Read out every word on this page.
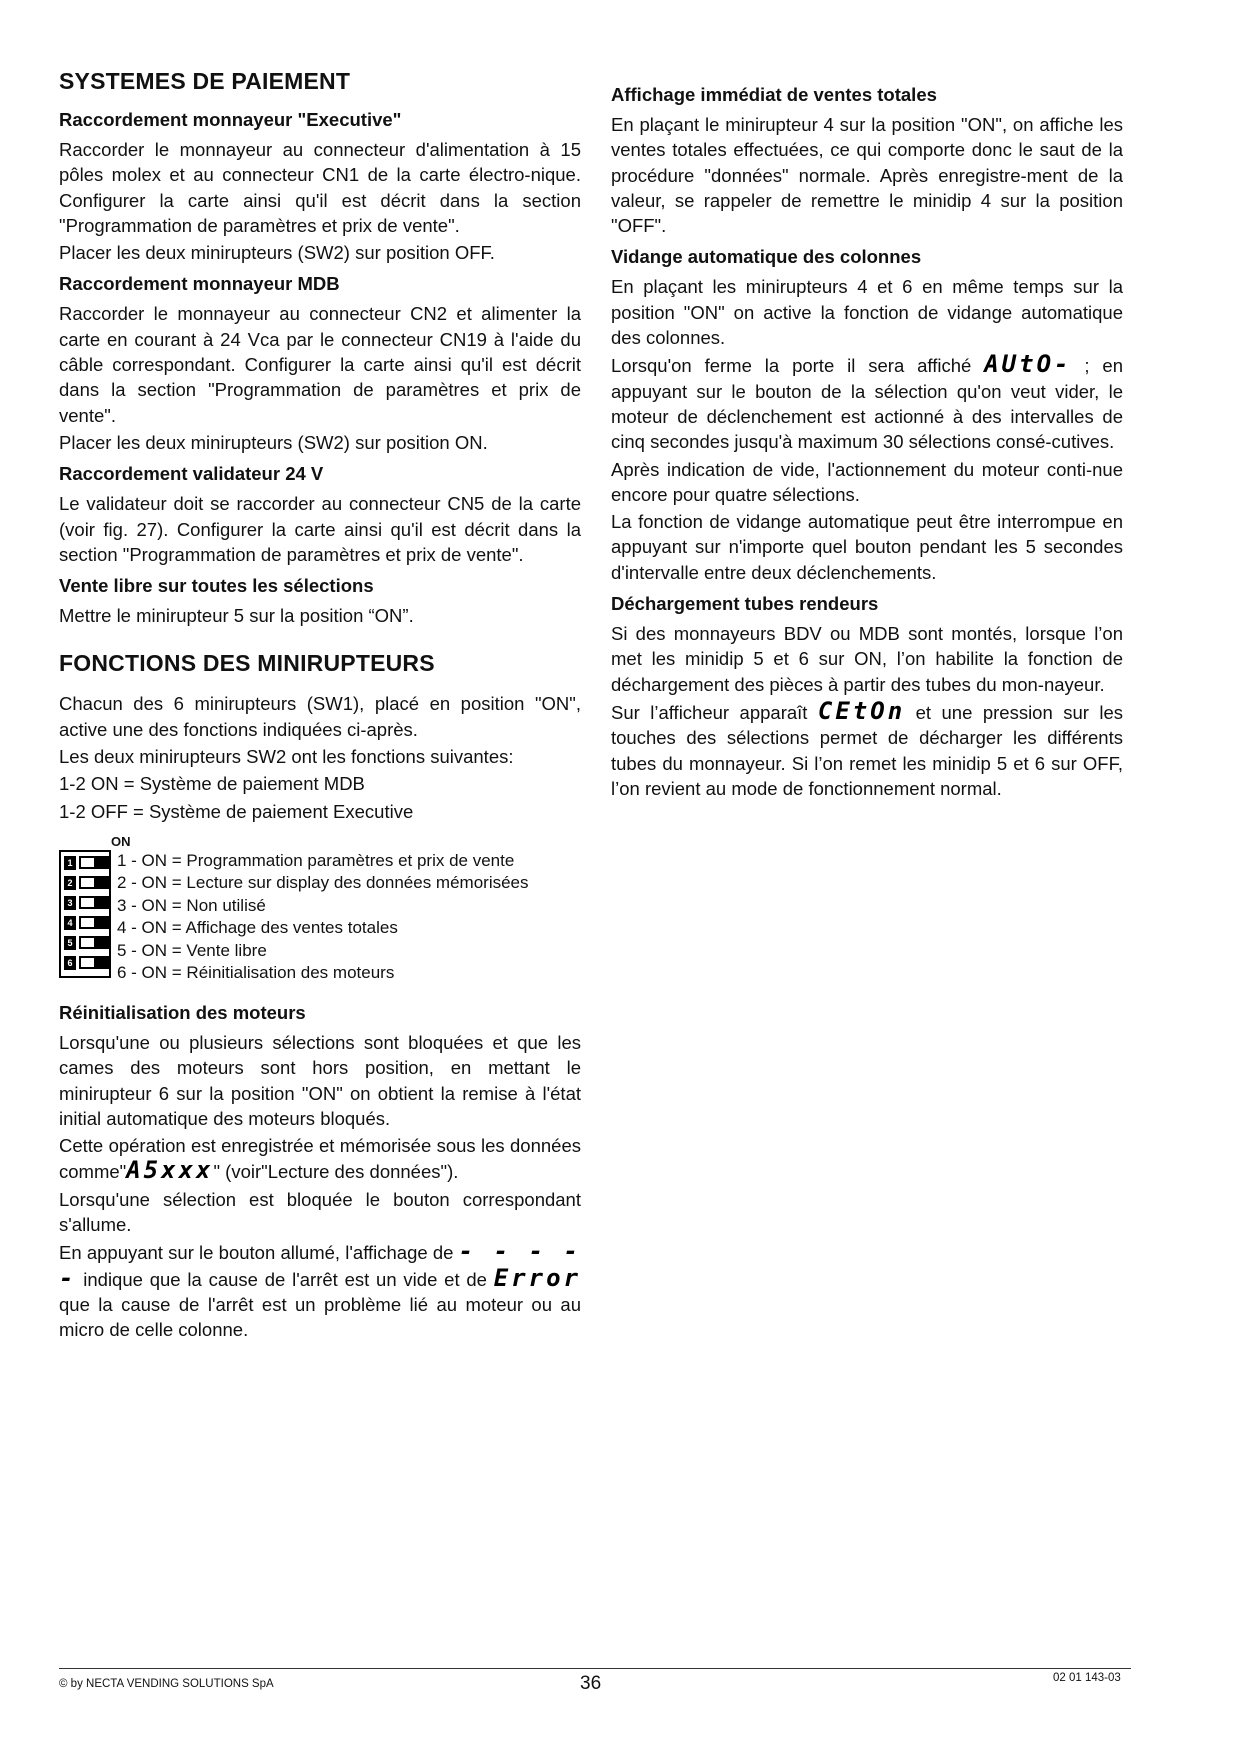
SYSTEMES DE PAIEMENT
Raccordement monnayeur "Executive"

Raccorder le monnayeur au connecteur d'alimentation à 15 pôles molex et au connecteur CN1 de la carte électro-nique. Configurer la carte ainsi qu'il est décrit dans la section "Programmation de paramètres et prix de vente".

Placer les deux minirupteurs (SW2) sur position OFF.

Raccordement monnayeur MDB

Raccorder le monnayeur au connecteur CN2 et alimenter la carte en courant à 24 Vca par le connecteur CN19 à l'aide du câble correspondant. Configurer la carte ainsi qu'il est décrit dans la section "Programmation de paramètres et prix de vente".

Placer les deux minirupteurs (SW2) sur position ON.

Raccordement validateur 24 V

Le validateur doit se raccorder au connecteur CN5 de la carte (voir fig. 27). Configurer la carte ainsi qu'il est décrit dans la section "Programmation de paramètres et prix de vente".

Vente libre sur toutes les sélections

Mettre le minirupteur 5 sur la position “ON”.

FONCTIONS DES MINIRUPTEURS

Chacun des 6 minirupteurs (SW1), placé en position "ON", active une des fonctions indiquées ci-après.

Les deux minirupteurs SW2 ont les fonctions suivantes:

1-2 ON = Système de paiement MDB

1-2 OFF = Système de paiement Executive

ON
1
2
3
4
5
6
1 - ON = Programmation paramètres et prix de vente
2 - ON = Lecture sur display des données mémorisées
3 - ON = Non utilisé
4 - ON = Affichage des ventes totales
5 - ON = Vente libre
6 - ON = Réinitialisation des moteurs
Réinitialisation des moteurs

Lorsqu'une ou plusieurs sélections sont bloquées et que les cames des moteurs sont hors position, en mettant le minirupteur 6 sur la position "ON" on obtient la remise à l'état initial automatique des moteurs bloqués.

Cette opération est enregistrée et mémorisée sous les données comme"A5xxx" (voir"Lecture des données").

Lorsqu'une sélection est bloquée le bouton correspondant s'allume.

En appuyant sur le bouton allumé, l'affichage de - - - - - indique que la cause de l'arrêt est un vide et de Error que la cause de l'arrêt est un problème lié au moteur ou au micro de celle colonne.

Affichage immédiat de ventes totales

En plaçant le minirupteur 4 sur la position "ON", on affiche les ventes totales effectuées, ce qui comporte donc le saut de la procédure "données" normale. Après enregistre-ment de la valeur, se rappeler de remettre le minidip 4 sur la position "OFF".

Vidange automatique des colonnes

En plaçant les minirupteurs 4 et 6 en même temps sur la position "ON" on active la fonction de vidange automatique des colonnes.

Lorsqu'on ferme la porte il sera affiché AUtO- ; en appuyant sur le bouton de la sélection qu'on veut vider, le moteur de déclenchement est actionné à des intervalles de cinq secondes jusqu'à maximum 30 sélections consé-cutives.

Après indication de vide, l'actionnement du moteur conti-nue encore pour quatre sélections.

La fonction de vidange automatique peut être interrompue en appuyant sur n'importe quel bouton pendant les 5 secondes d'intervalle entre deux déclenchements.

Déchargement tubes rendeurs

Si des monnayeurs BDV ou MDB sont montés, lorsque l’on met les minidip 5 et 6 sur ON, l’on habilite la fonction de déchargement des pièces à partir des tubes du mon-nayeur.

Sur l’afficheur apparaît CEtOn et une pression sur les touches des sélections permet de décharger les différents tubes du monnayeur. Si l’on remet les minidip 5 et 6 sur OFF, l’on revient au mode de fonctionnement normal.

© by NECTA VENDING SOLUTIONS SpA	36	02 01 143-03
